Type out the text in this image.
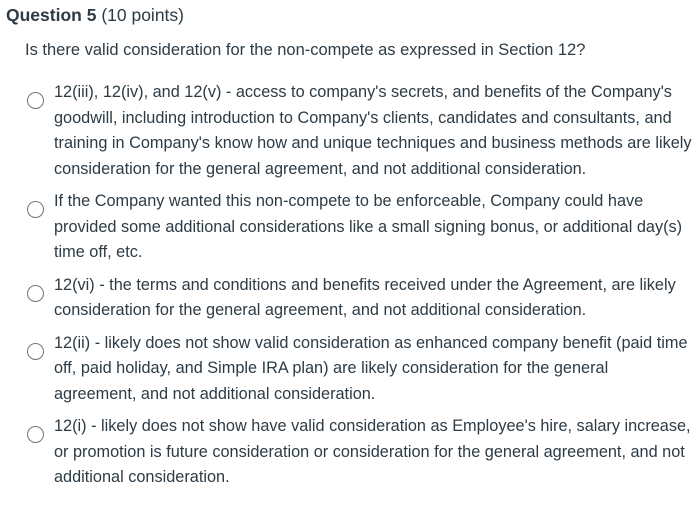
Question 5 (10 points)
Is there valid consideration for the non-compete as expressed in Section 12?
12(iii), 12(iv), and 12(v) - access to company's secrets, and benefits of the Company's goodwill, including introduction to Company's clients, candidates and consultants, and training in Company's know how and unique techniques and business methods are likely consideration for the general agreement, and not additional consideration.
If the Company wanted this non-compete to be enforceable, Company could have provided some additional considerations like a small signing bonus, or additional day(s) time off, etc.
12(vi) - the terms and conditions and benefits received under the Agreement, are likely consideration for the general agreement, and not additional consideration.
12(ii) - likely does not show valid consideration as enhanced company benefit (paid time off, paid holiday, and Simple IRA plan) are likely consideration for the general agreement, and not additional consideration.
12(i) - likely does not show have valid consideration as Employee's hire, salary increase, or promotion is future consideration or consideration for the general agreement, and not additional consideration.
